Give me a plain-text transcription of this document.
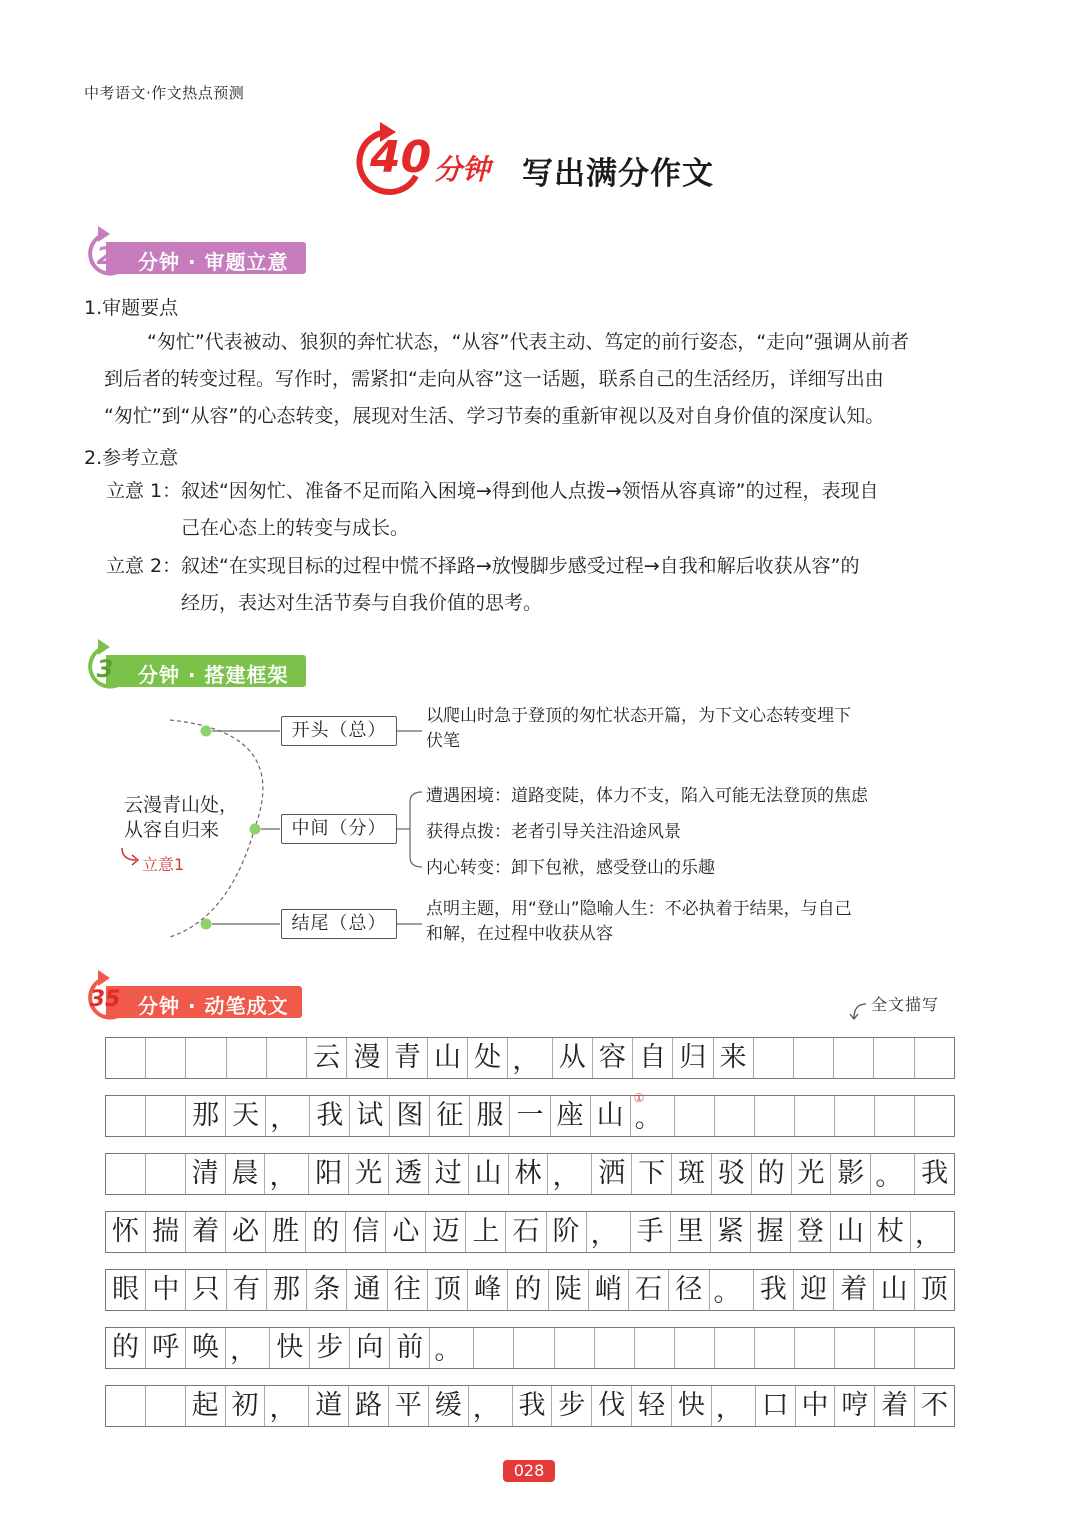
中考语文·作文热点预测
40 分钟 写出满分作文
2	分钟 · 审题立意
1.审题要点
“匆忙”代表被动、狼狈的奔忙状态，“从容”代表主动、笃定的前行姿态，“走向”强调从前者
到后者的转变过程。写作时，需紧扣“走向从容”这一话题，联系自己的生活经历，详细写出由
“匆忙”到“从容”的心态转变，展现对生活、学习节奏的重新审视以及对自身价值的深度认知。
2.参考立意
立意 1： 叙述“因匆忙、准备不足而陷入困境→得到他人点拨→领悟从容真谛”的过程，表现自
己在心态上的转变与成长。
立意 2： 叙述“在实现目标的过程中慌不择路→放慢脚步感受过程→自我和解后收获从容”的
经历，表达对生活节奏与自我价值的思考。
3	分钟 · 搭建框架
云漫青山处，
从容自归来
立意1
开头（总）
中间（分）
结尾（总）
以爬山时急于登顶的匆忙状态开篇，为下文心态转变埋下
伏笔
遭遇困境：道路变陡，体力不支，陷入可能无法登顶的焦虑
获得点拨：老者引导关注沿途风景
内心转变：卸下包袱，感受登山的乐趣
点明主题，用“登山”隐喻人生：不必执着于结果，与自己
和解，在过程中收获从容
35 分钟 · 动笔成文	全文描写
云 漫 青 山 处 ， 从 容 自 归 来
那 天 ， 我 试 图 征 服 一 座 山
①
。
清 晨 ， 阳 光 透 过 山 林 ， 洒 下 斑 驳 的 光 影 。 我
怀 揣 着 必 胜 的 信 心 迈 上 石 阶 ， 手 里 紧 握 登 山 杖 ，
眼 中 只 有 那 条 通 往 顶 峰 的 陡 峭 石 径 。 我 迎 着 山 顶
的 呼 唤 ， 快 步 向 前 。
起 初 ， 道 路 平 缓 ， 我 步 伐 轻 快 ， 口 中 哼 着 不
028
